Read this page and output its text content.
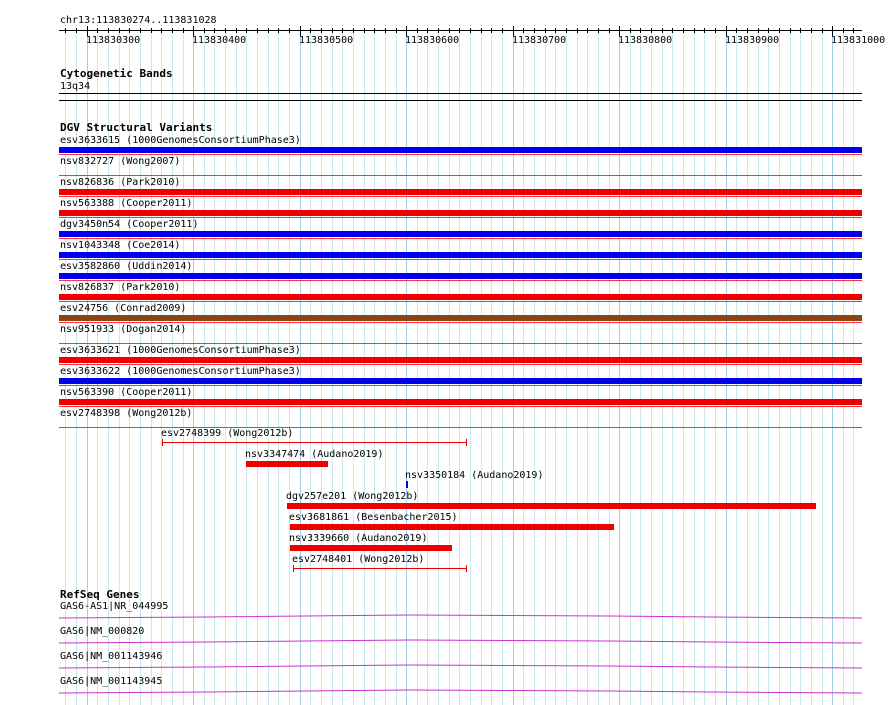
chr13:113830274..113831028
113830300	113830400	113830500	113830600	113830700	113830800	113830900	113831000
Cytogenetic Bands
13q34
DGV Structural Variants
esv3633615 (1000GenomesConsortiumPhase3)
nsv832727 (Wong2007)
nsv826836 (Park2010)
nsv563388 (Cooper2011)
dgv3450n54 (Cooper2011)
nsv1043348 (Coe2014)
esv3582860 (Uddin2014)
nsv826837 (Park2010)
esv24756 (Conrad2009)
nsv951933 (Dogan2014)
esv3633621 (1000GenomesConsortiumPhase3)
esv3633622 (1000GenomesConsortiumPhase3)
nsv563390 (Cooper2011)
esv2748398 (Wong2012b)
esv2748399 (Wong2012b)
nsv3347474 (Audano2019)
nsv3350184 (Audano2019)
dgv257e201 (Wong2012b)
esv3681861 (Besenbacher2015)
nsv3339660 (Audano2019)
esv2748401 (Wong2012b)
RefSeq Genes
GAS6-AS1|NR_044995
GAS6|NM_000820
GAS6|NM_001143946
GAS6|NM_001143945
